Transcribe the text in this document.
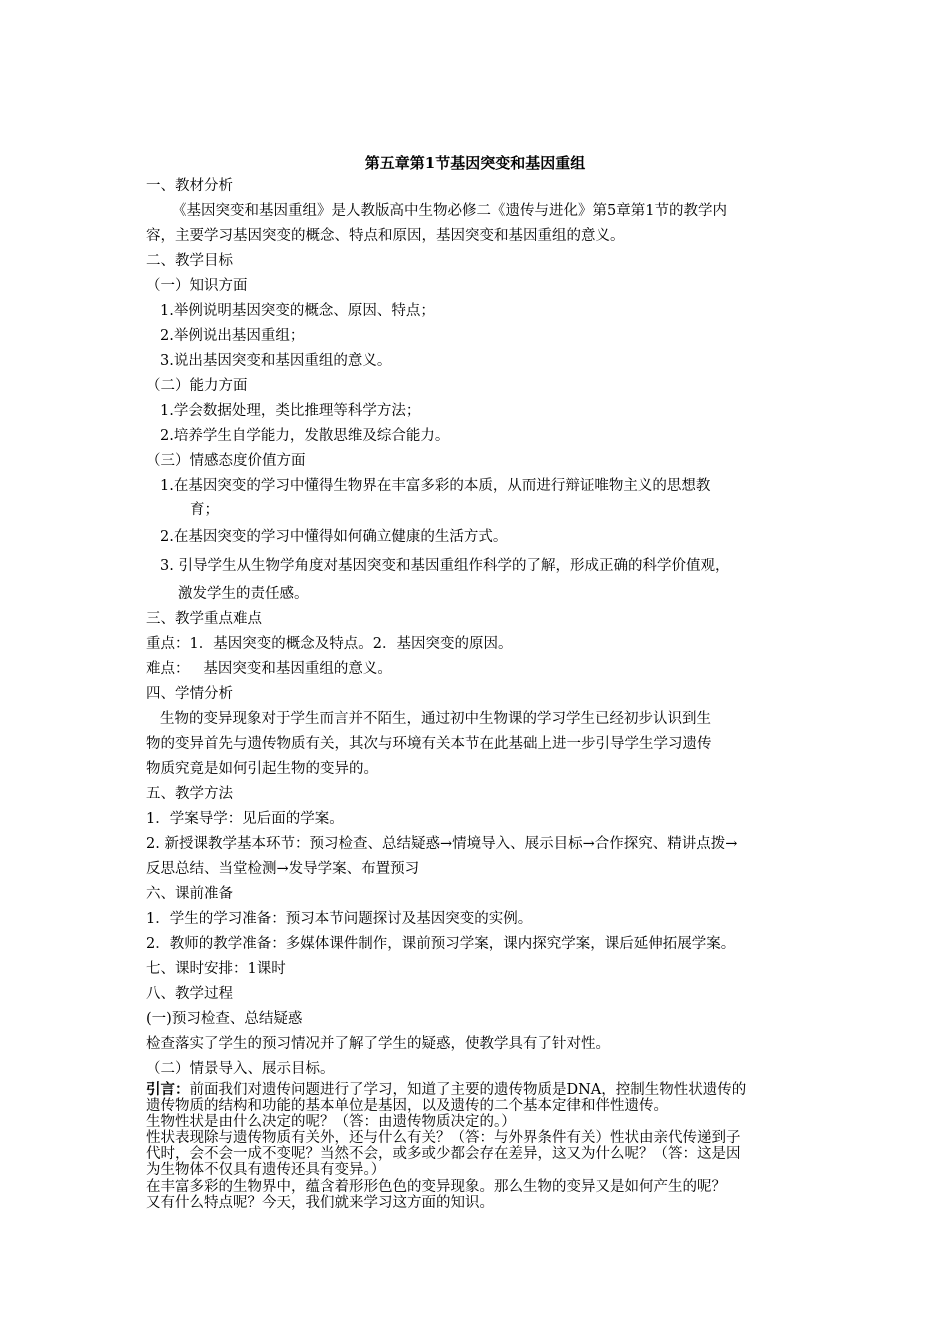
第五章第1节基因突变和基因重组
一、教材分析
《基因突变和基因重组》是人教版高中生物必修二《遗传与进化》第5章第1节的教学内
容，主要学习基因突变的概念、特点和原因，基因突变和基因重组的意义。
二、教学目标
（一）知识方面
1.举例说明基因突变的概念、原因、特点；
2.举例说出基因重组；
3.说出基因突变和基因重组的意义。
（二）能力方面
1.学会数据处理，类比推理等科学方法；
2.培养学生自学能力，发散思维及综合能力。
（三）情感态度价值方面
1.在基因突变的学习中懂得生物界在丰富多彩的本质，从而进行辩证唯物主义的思想教
育；
2.在基因突变的学习中懂得如何确立健康的生活方式。
3. 引导学生从生物学角度对基因突变和基因重组作科学的了解，形成正确的科学价值观，
激发学生的责任感。
三、教学重点难点
重点：1．基因突变的概念及特点。2．基因突变的原因。
难点：   基因突变和基因重组的意义。
四、学情分析
生物的变异现象对于学生而言并不陌生，通过初中生物课的学习学生已经初步认识到生
物的变异首先与遗传物质有关，其次与环境有关本节在此基础上进一步引导学生学习遗传
物质究竟是如何引起生物的变异的。
五、教学方法
1．学案导学：见后面的学案。
2. 新授课教学基本环节：预习检查、总结疑惑→情境导入、展示目标→合作探究、精讲点拨→
反思总结、当堂检测→发导学案、布置预习
六、课前准备
1．学生的学习准备：预习本节问题探讨及基因突变的实例。
2．教师的教学准备：多媒体课件制作，课前预习学案，课内探究学案，课后延伸拓展学案。
七、课时安排：1课时
八、教学过程
(一)预习检查、总结疑惑
检查落实了学生的预习情况并了解了学生的疑惑，使教学具有了针对性。
（二）情景导入、展示目标。
引言：前面我们对遗传问题进行了学习，知道了主要的遗传物质是DNA，控制生物性状遗传的
遗传物质的结构和功能的基本单位是基因，以及遗传的二个基本定律和伴性遗传。
生物性状是由什么决定的呢？（答：由遗传物质决定的。）
性状表现除与遗传物质有关外，还与什么有关？（答：与外界条件有关）性状由亲代传递到子
代时，会不会一成不变呢？当然不会，或多或少都会存在差异，这又为什么呢？（答：这是因
为生物体不仅具有遗传还具有变异。）
在丰富多彩的生物界中，蕴含着形形色色的变异现象。那么生物的变异又是如何产生的呢？
又有什么特点呢？今天，我们就来学习这方面的知识。
